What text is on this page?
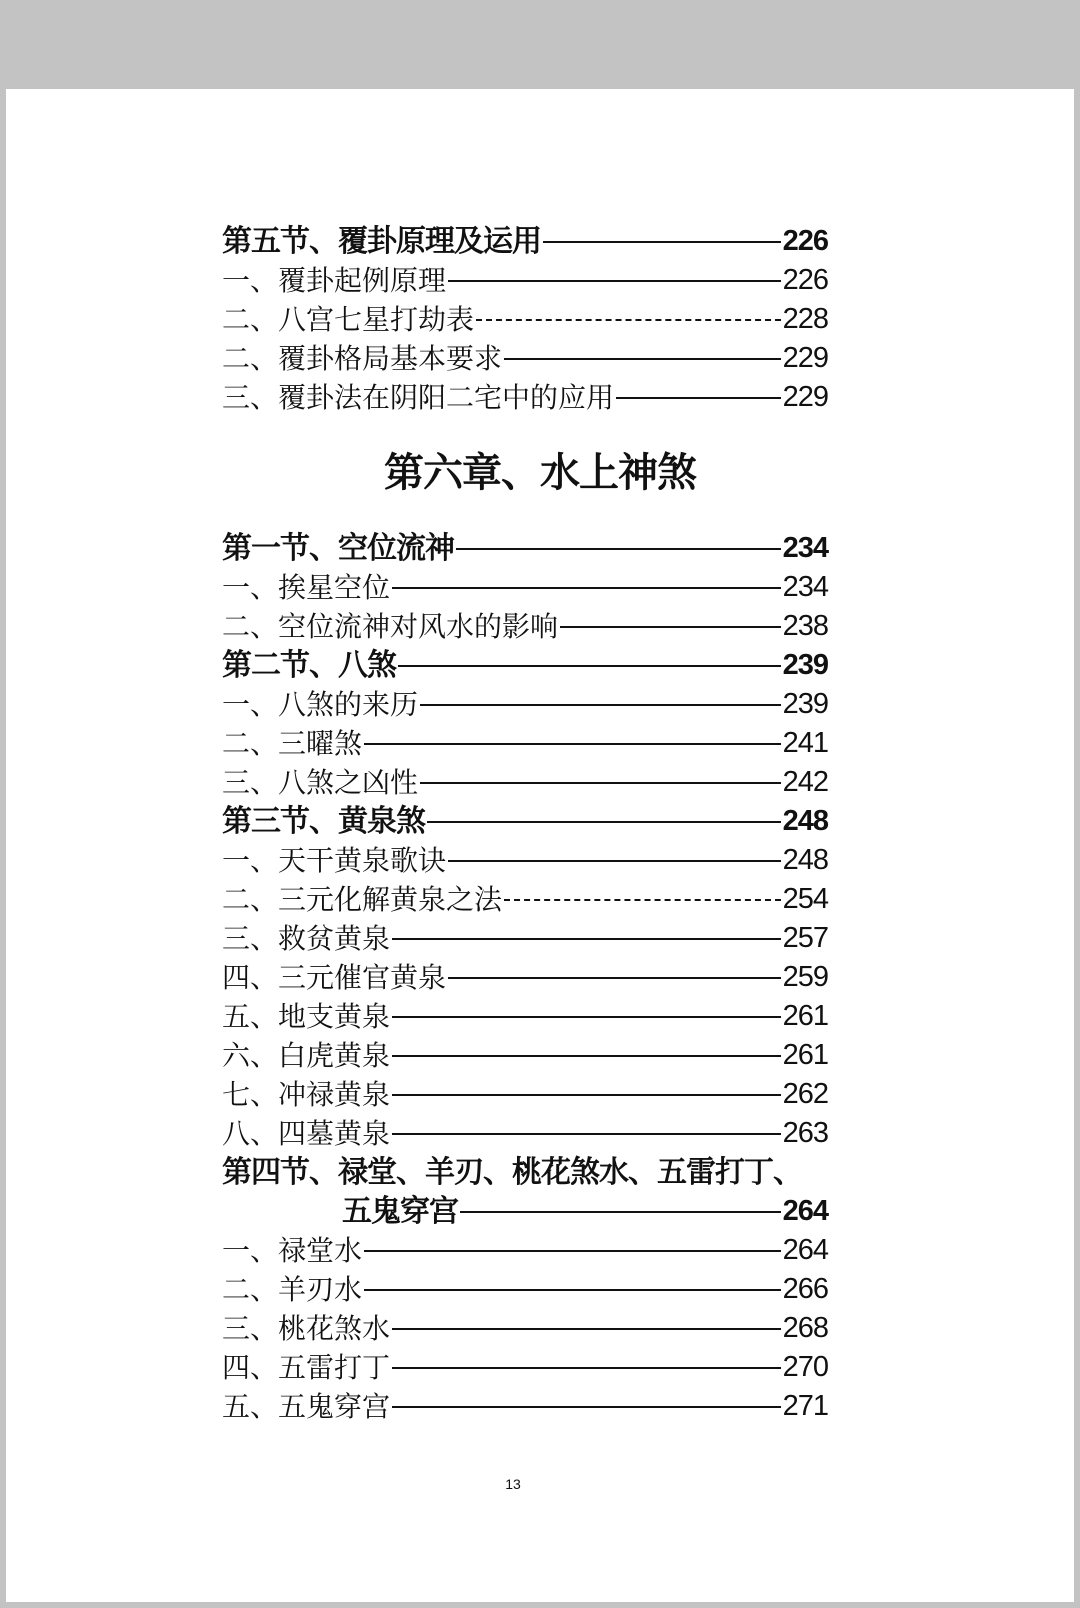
第五节、覆卦原理及运用	226
一、覆卦起例原理	226
二、八宫七星打劫表	228
二、覆卦格局基本要求	229
三、覆卦法在阴阳二宅中的应用	229
第六章、水上神煞
第一节、空位流神	234
一、挨星空位	234
二、空位流神对风水的影响	238
第二节、八煞	239
一、八煞的来历	239
二、三曜煞	241
三、八煞之凶性	242
第三节、黄泉煞	248
一、天干黄泉歌诀	248
二、三元化解黄泉之法	254
三、救贫黄泉	257
四、三元催官黄泉	259
五、地支黄泉	261
六、白虎黄泉	261
七、冲禄黄泉	262
八、四墓黄泉	263
第四节、禄堂、羊刃、桃花煞水、五雷打丁、
五鬼穿宫	264
一、禄堂水	264
二、羊刃水	266
三、桃花煞水	268
四、五雷打丁	270
五、五鬼穿宫	271
13
